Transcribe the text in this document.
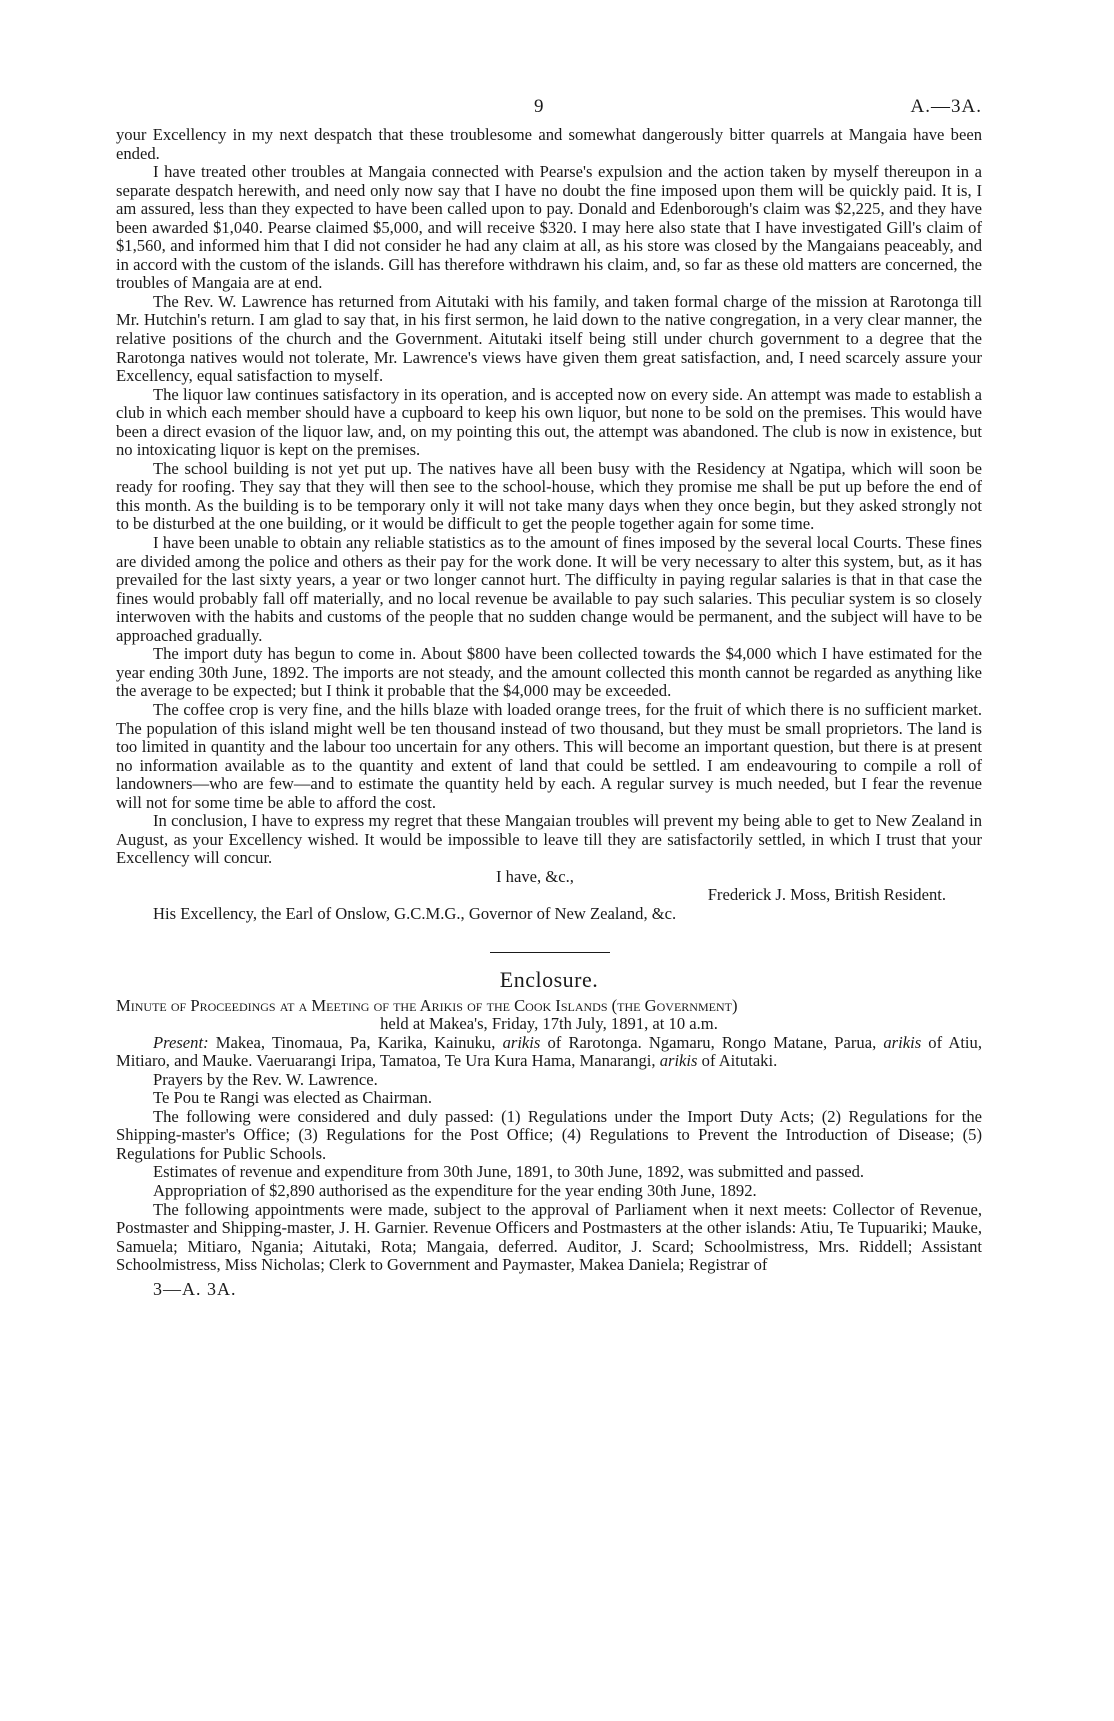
9	A.—3A.

your Excellency in my next despatch that these troublesome and somewhat dangerously bitter quarrels at Mangaia have been ended.

I have treated other troubles at Mangaia connected with Pearse's expulsion and the action taken by myself thereupon in a separate despatch herewith, and need only now say that I have no doubt the fine imposed upon them will be quickly paid. It is, I am assured, less than they expected to have been called upon to pay. Donald and Edenborough's claim was $2,225, and they have been awarded $1,040. Pearse claimed $5,000, and will receive $320. I may here also state that I have investigated Gill's claim of $1,560, and informed him that I did not consider he had any claim at all, as his store was closed by the Mangaians peaceably, and in accord with the custom of the islands. Gill has therefore withdrawn his claim, and, so far as these old matters are concerned, the troubles of Mangaia are at end.

The Rev. W. Lawrence has returned from Aitutaki with his family, and taken formal charge of the mission at Rarotonga till Mr. Hutchin's return. I am glad to say that, in his first sermon, he laid down to the native congregation, in a very clear manner, the relative positions of the church and the Government. Aitutaki itself being still under church government to a degree that the Rarotonga natives would not tolerate, Mr. Lawrence's views have given them great satisfaction, and, I need scarcely assure your Excellency, equal satisfaction to myself.

The liquor law continues satisfactory in its operation, and is accepted now on every side. An attempt was made to establish a club in which each member should have a cupboard to keep his own liquor, but none to be sold on the premises. This would have been a direct evasion of the liquor law, and, on my pointing this out, the attempt was abandoned. The club is now in existence, but no intoxicating liquor is kept on the premises.

The school building is not yet put up. The natives have all been busy with the Residency at Ngatipa, which will soon be ready for roofing. They say that they will then see to the school-house, which they promise me shall be put up before the end of this month. As the building is to be temporary only it will not take many days when they once begin, but they asked strongly not to be disturbed at the one building, or it would be difficult to get the people together again for some time.

I have been unable to obtain any reliable statistics as to the amount of fines imposed by the several local Courts. These fines are divided among the police and others as their pay for the work done. It will be very necessary to alter this system, but, as it has prevailed for the last sixty years, a year or two longer cannot hurt. The difficulty in paying regular salaries is that in that case the fines would probably fall off materially, and no local revenue be available to pay such salaries. This peculiar system is so closely interwoven with the habits and customs of the people that no sudden change would be permanent, and the subject will have to be approached gradually.

The import duty has begun to come in. About $800 have been collected towards the $4,000 which I have estimated for the year ending 30th June, 1892. The imports are not steady, and the amount collected this month cannot be regarded as anything like the average to be expected; but I think it probable that the $4,000 may be exceeded.

The coffee crop is very fine, and the hills blaze with loaded orange trees, for the fruit of which there is no sufficient market. The population of this island might well be ten thousand instead of two thousand, but they must be small proprietors. The land is too limited in quantity and the labour too uncertain for any others. This will become an important question, but there is at present no information available as to the quantity and extent of land that could be settled. I am endeavouring to compile a roll of landowners—who are few—and to estimate the quantity held by each. A regular survey is much needed, but I fear the revenue will not for some time be able to afford the cost.

In conclusion, I have to express my regret that these Mangaian troubles will prevent my being able to get to New Zealand in August, as your Excellency wished. It would be impossible to leave till they are satisfactorily settled, in which I trust that your Excellency will concur.

I have, &c.,
Frederick J. Moss, British Resident.
His Excellency, the Earl of Onslow, G.C.M.G., Governor of New Zealand, &c.
Enclosure.

Minute of Proceedings at a Meeting of the Arikis of the Cook Islands (the Government)
held at Makea's, Friday, 17th July, 1891, at 10 a.m.

Present: Makea, Tinomaua, Pa, Karika, Kainuku, arikis of Rarotonga. Ngamaru, Rongo Matane, Parua, arikis of Atiu, Mitiaro, and Mauke. Vaeruarangi Iripa, Tamatoa, Te Ura Kura Hama, Manarangi, arikis of Aitutaki.

Prayers by the Rev. W. Lawrence.

Te Pou te Rangi was elected as Chairman.

The following were considered and duly passed: (1) Regulations under the Import Duty Acts; (2) Regulations for the Shipping-master's Office; (3) Regulations for the Post Office; (4) Regulations to Prevent the Introduction of Disease; (5) Regulations for Public Schools.

Estimates of revenue and expenditure from 30th June, 1891, to 30th June, 1892, was submitted and passed.

Appropriation of $2,890 authorised as the expenditure for the year ending 30th June, 1892.

The following appointments were made, subject to the approval of Parliament when it next meets: Collector of Revenue, Postmaster and Shipping-master, J. H. Garnier. Revenue Officers and Postmasters at the other islands: Atiu, Te Tupuariki; Mauke, Samuela; Mitiaro, Ngania; Aitutaki, Rota; Mangaia, deferred. Auditor, J. Scard; Schoolmistress, Mrs. Riddell; Assistant Schoolmistress, Miss Nicholas; Clerk to Government and Paymaster, Makea Daniela; Registrar of

3—A. 3A.
